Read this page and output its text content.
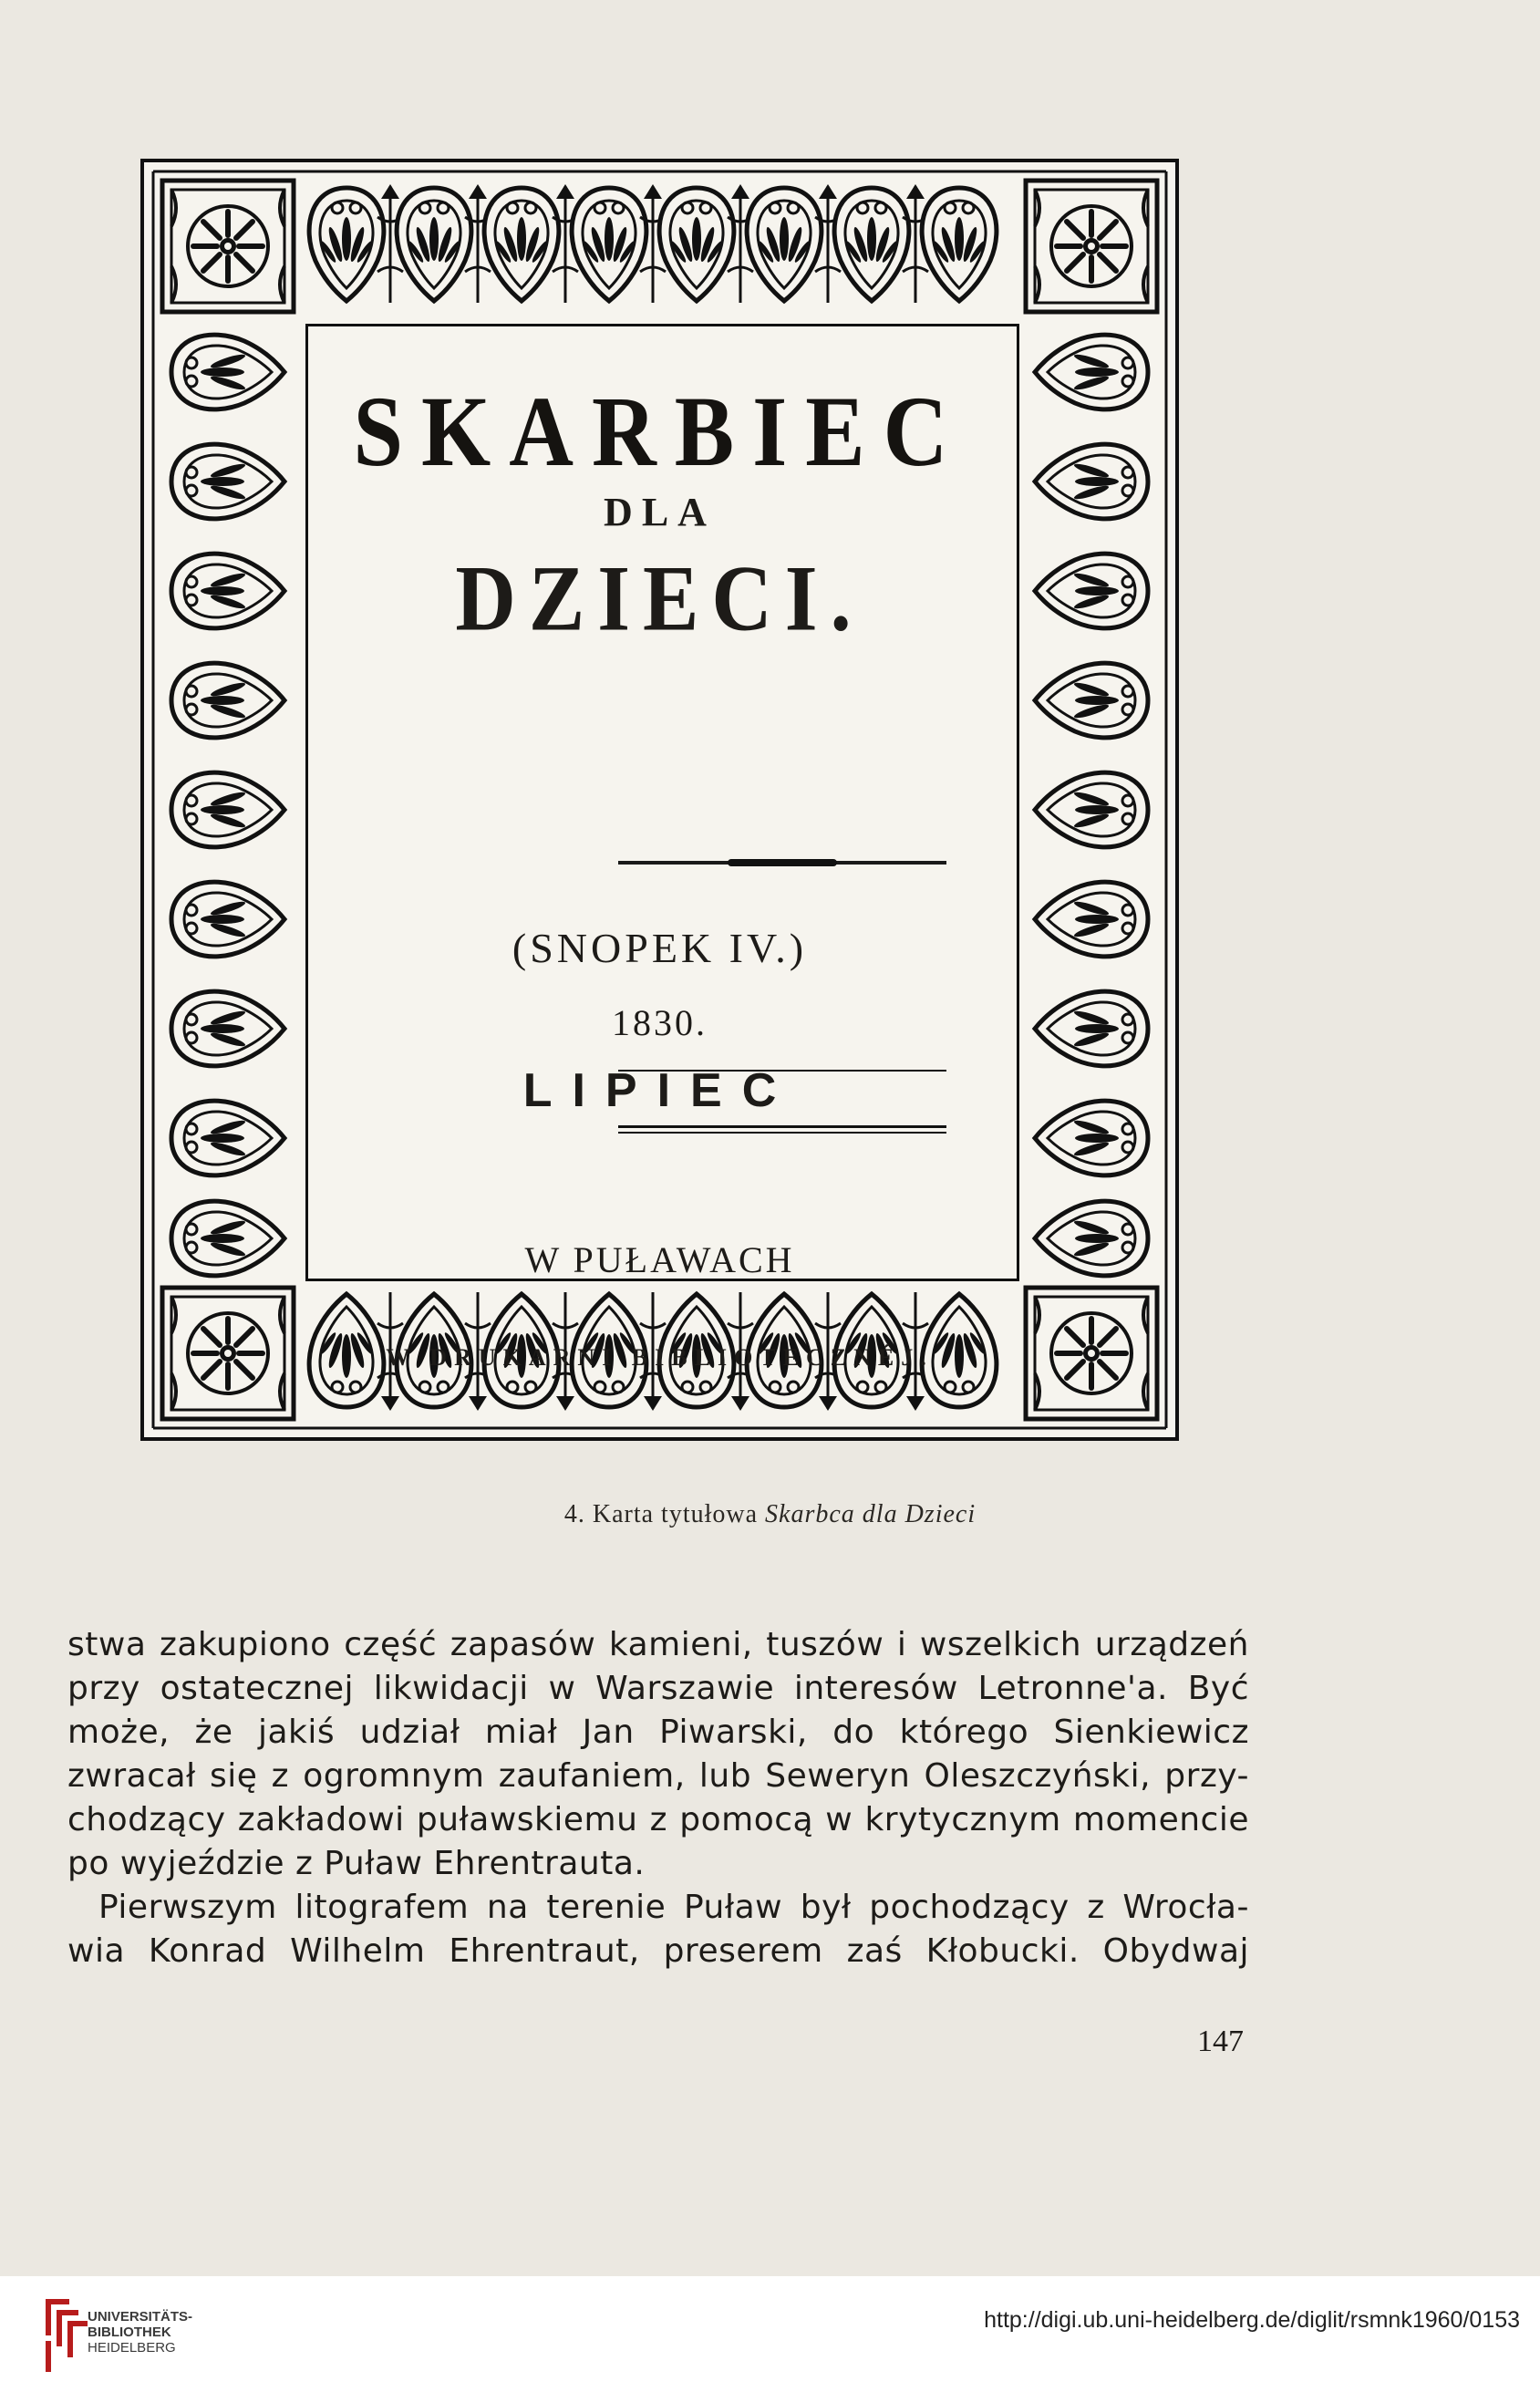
SKARBIEC
DLA
DZIECI.
(SNOPEK IV.)
1830.
LIPIEC
W PUŁAWACH
W DRUKARNI BIBLIOTECZNÉJ.
4. Karta tytułowa Skarbca dla Dzieci

stwa zakupiono część zapasów kamieni, tuszów i wszelkich urządzeń

przy ostatecznej likwidacji w Warszawie interesów Letronne'a. Być

może, że jakiś udział miał Jan Piwarski, do którego Sienkiewicz

zwracał się z ogromnym zaufaniem, lub Seweryn Oleszczyński, przy-

chodzący zakładowi puławskiemu z pomocą w krytycznym momencie

po wyjeździe z Puław Ehrentrauta.

Pierwszym litografem na terenie Puław był pochodzący z Wrocła-

wia Konrad Wilhelm Ehrentraut, preserem zaś Kłobucki. Obydwaj

147
UNIVERSITÄTS-
BIBLIOTHEK
HEIDELBERG
http://digi.ub.uni-heidelberg.de/diglit/rsmnk1960/0153
